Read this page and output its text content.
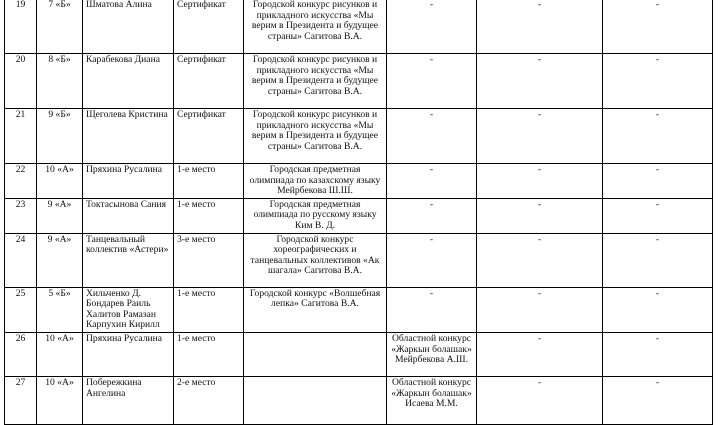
19	7 «Б»	Шматова Алина	Сертификат	Городской конкурс рисунков и прикладного искусства «Мы верим в Президента и будущее страны» Сагитова В.А.	-	-	-
20	8 «Б»	Карабекова Диана	Сертификат	Городской конкурс рисунков и прикладного искусства «Мы верим в Президента и будущее страны» Сагитова В.А.	-	-	-
21	9 «Б»	Щеголева Кристина	Сертификат	Городской конкурс рисунков и прикладного искусства «Мы верим в Президента и будущее страны» Сагитова В.А.	-	-	-
22	10 «А»	Пряхина Русалина	1-е место	Городская предметная олимпиада по казахскому языку Мейрбекова Ш.Ш.	-	-	-
23	9 «А»	Токтасынова Сания	1-е место	Городская предметная олимпиада по русскому языку Ким В. Д.	-	-	-
24	9 «А»	Танцевальный коллектив «Астери»	3-е место	Городской конкурс хореографических и танцевальных коллективов «Ак шагала» Сагитова В.А.	-	-	-
25	5 «Б»	Хильченко Д. Бондарев Раиль Халитов Рамазан Карпухин Кирилл	1-е место	Городской конкурс «Волшебная лепка» Сагитова В.А.	-	-	-
26	10 «А»	Пряхина Русалина	1-е место		Областной конкурс «Жаркын болашак» Мейрбекова А.Ш.	-	-
27	10 «А»	Побережкина Ангелина	2-е место		Областной конкурс «Жаркын болашак» Исаева М.М.	-	-
